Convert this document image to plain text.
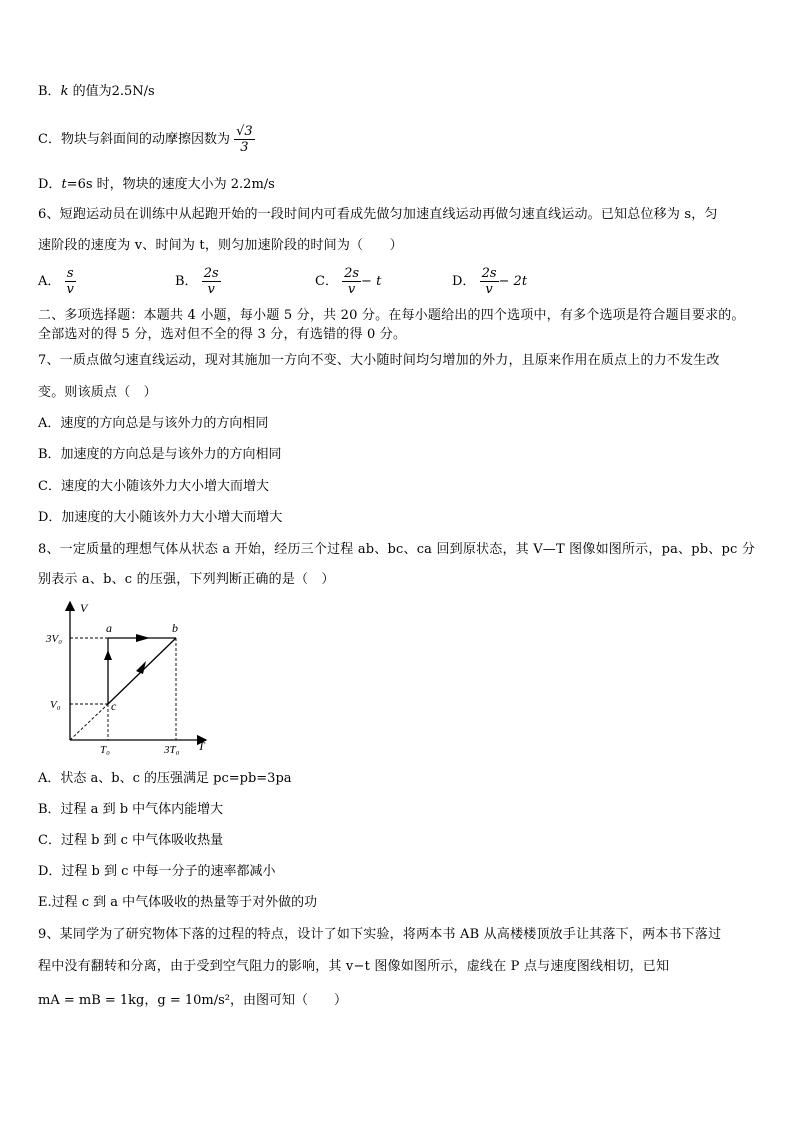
B．k 的值为2.5N/s
C．物块与斜面间的动摩擦因数为 $\frac{√3}{3}$
D．t=6s 时，物块的速度大小为 2.2m/s
6、短跑运动员在训练中从起跑开始的一段时间内可看成先做匀加速直线运动再做匀速直线运动。已知总位移为 s，匀
速阶段的速度为 v、时间为 t，则匀加速阶段的时间为（　　）
A． $\frac{s}{v}$	B． $\frac{2s}{v}$	C． $\frac{2s}{v} - t$	D． $\frac{2s}{v} - 2t$
二、多项选择题：本题共 4 小题，每小题 5 分，共 20 分。在每小题给出的四个选项中，有多个选项是符合题目要求的。
全部选对的得 5 分，选对但不全的得 3 分，有选错的得 0 分。
7、一质点做匀速直线运动，现对其施加一方向不变、大小随时间均匀增加的外力，且原来作用在质点上的力不发生改
变。则该质点（　）
A．速度的方向总是与该外力的方向相同
B．加速度的方向总是与该外力的方向相同
C．速度的大小随该外力大小增大而增大
D．加速度的大小随该外力大小增大而增大
8、一定质量的理想气体从状态 a 开始，经历三个过程 ab、bc、ca 回到原状态，其 V—T 图像如图所示，pa、pb、pc 分
别表示 a、b、c 的压强，下列判断正确的是（　）
V
T
3V₀
V₀
T₀	3T₀
a	b
c
A．状态 a、b、c 的压强满足 pc=pb=3pa
B．过程 a 到 b 中气体内能增大
C．过程 b 到 c 中气体吸收热量
D．过程 b 到 c 中每一分子的速率都减小
E.过程 c 到 a 中气体吸收的热量等于对外做的功
9、某同学为了研究物体下落的过程的特点，设计了如下实验，将两本书 AB 从高楼楼顶放手让其落下，两本书下落过
程中没有翻转和分离，由于受到空气阻力的影响，其 v−t 图像如图所示，虚线在 P 点与速度图线相切，已知
mA = mB = 1kg，g = 10m/s²，由图可知（　　）
